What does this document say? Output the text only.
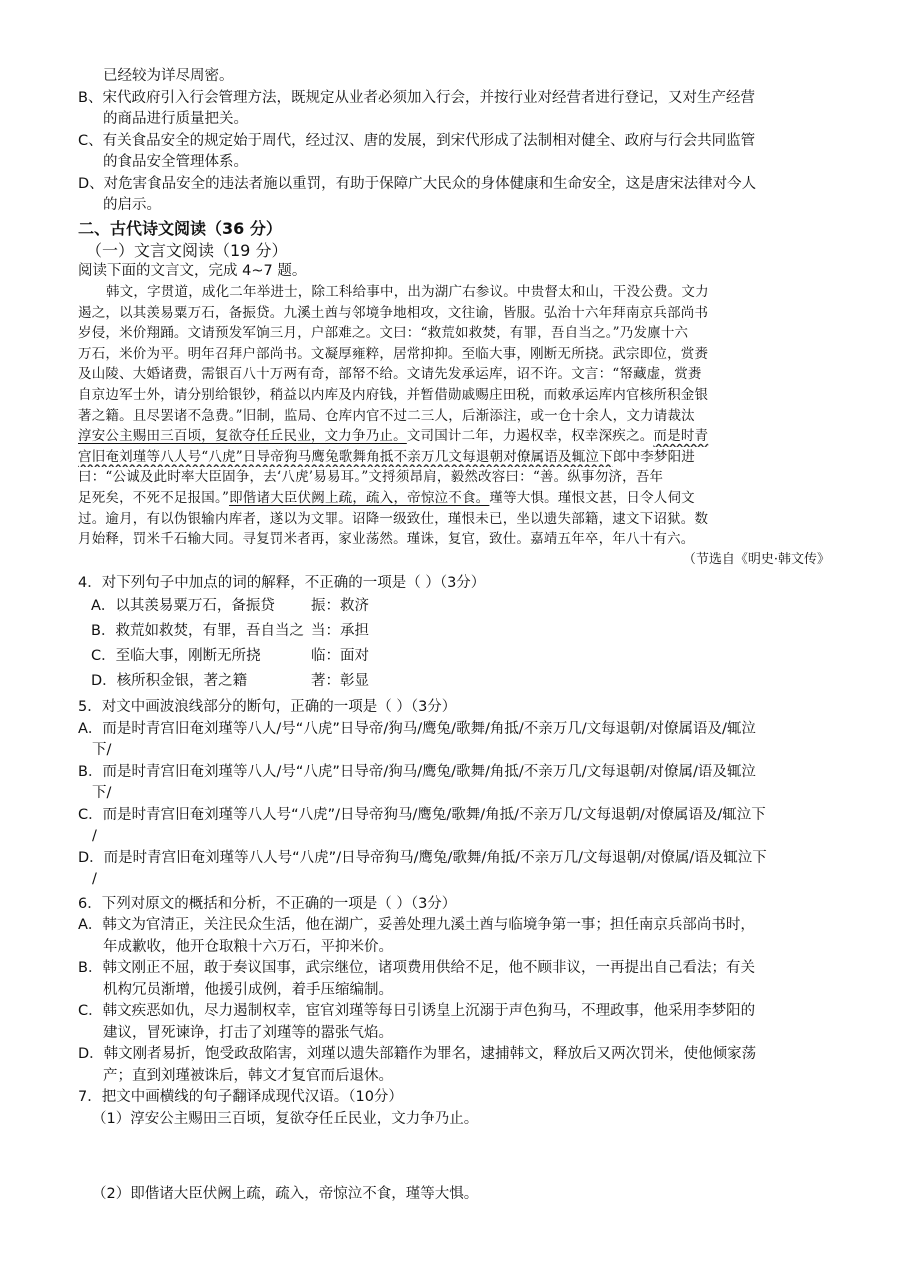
已经较为详尽周密。
B、宋代政府引入行会管理方法，既规定从业者必须加入行会，并按行业对经营者进行登记，又对生产经营
的商品进行质量把关。
C、有关食品安全的规定始于周代，经过汉、唐的发展，到宋代形成了法制相对健全、政府与行会共同监管
的食品安全管理体系。
D、对危害食品安全的违法者施以重罚，有助于保障广大民众的身体健康和生命安全，这是唐宋法律对今人
的启示。
二、古代诗文阅读（36 分）
（一）文言文阅读（19 分）
阅读下面的文言文，完成 4~7 题。
韩文，字贯道，成化二年举进士，除工科给事中，出为湖广右参议。中贵督太和山，干没公费。文力
遏之，以其羡易粟万石，备振贷。九溪土酋与邻境争地相攻，文往谕，皆服。弘治十六年拜南京兵部尚书
岁侵，米价翔踊。文请预发军饷三月，户部难之。文曰：“救荒如救焚，有罪，吾自当之。”乃发廪十六
万石，米价为平。明年召拜户部尚书。文凝厚雍粹，居常抑抑。至临大事，刚断无所挠。武宗即位，赏赉
及山陵、大婚诸费，需银百八十万两有奇，部帑不给。文请先发承运库，诏不许。文言：“帑藏虚，赏赉
自京边军士外，请分别给银钞，稍益以内库及内府钱，并暂借勋戚赐庄田税，而敕承运库内官核所积金银
著之籍。且尽罢诸不急费。”旧制，监局、仓库内官不过二三人，后渐添注，或一仓十余人，文力请裁汰
淳安公主赐田三百顷，复欲夺任丘民业，文力争乃止。文司国计二年，力遏权幸，权幸深疾之。而是时青
宫旧奄刘瑾等八人号“八虎”日导帝狗马鹰兔歌舞角抵不亲万几文每退朝对僚属语及辄泣下郎中李梦阳进
曰：“公诚及此时率大臣固争，去‘八虎’易易耳。”文捋须昂肩，毅然改容曰：“善。纵事勿济，吾年
足死矣，不死不足报国。”即偕诸大臣伏阙上疏，疏入，帝惊泣不食。瑾等大惧。瑾恨文甚，日令人伺文
过。逾月，有以伪银输内库者，遂以为文罪。诏降一级致仕，瑾恨未已，坐以遗失部籍，逮文下诏狱。数
月始释，罚米千石输大同。寻复罚米者再，家业荡然。瑾诛，复官，致仕。嘉靖五年卒，年八十有六。
（节选自《明史·韩文传》
4．对下列句子中加点的词的解释，不正确的一项是（ ）（3分）
A．以其羡易粟万石，备振贷 振：救济
B．救荒如救焚，有罪，吾自当之 当：承担
C．至临大事，刚断无所挠	临：面对
D．核所积金银，著之籍	著：彰显
5．对文中画波浪线部分的断句，正确的一项是（ ）（3分）
A．而是时青宫旧奄刘瑾等八人/号“八虎”日导帝/狗马/鹰兔/歌舞/角抵/不亲万几/文每退朝/对僚属语及/辄泣
下/
B．而是时青宫旧奄刘瑾等八人/号“八虎”日导帝/狗马/鹰兔/歌舞/角抵/不亲万几/文每退朝/对僚属/语及辄泣
下/
C．而是时青宫旧奄刘瑾等八人号“八虎”/日导帝狗马/鹰兔/歌舞/角抵/不亲万几/文每退朝/对僚属语及/辄泣下
/
D．而是时青宫旧奄刘瑾等八人号“八虎”/日导帝狗马/鹰兔/歌舞/角抵/不亲万几/文每退朝/对僚属/语及辄泣下
/
6．下列对原文的概括和分析，不正确的一项是（ ）（3分）
A．韩文为官清正，关注民众生活，他在湖广，妥善处理九溪土酋与临境争第一事；担任南京兵部尚书时，
年成歉收，他开仓取粮十六万石，平抑米价。
B．韩文刚正不屈，敢于奏议国事，武宗继位，诸项费用供给不足，他不顾非议，一再提出自己看法；有关
机构冗员渐增，他援引成例，着手压缩编制。
C．韩文疾恶如仇，尽力遏制权幸，宦官刘瑾等每日引诱皇上沉溺于声色狗马，不理政事，他采用李梦阳的
建议，冒死谏诤，打击了刘瑾等的嚣张气焰。
D．韩文刚者易折，饱受政敌陷害，刘瑾以遗失部籍作为罪名，逮捕韩文，释放后又两次罚米，使他倾家荡
产；直到刘瑾被诛后，韩文才复官而后退休。
7．把文中画横线的句子翻译成现代汉语。（10分）
（1）淳安公主赐田三百顷，复欲夺任丘民业，文力争乃止。
（2）即偕诸大臣伏阙上疏，疏入，帝惊泣不食，瑾等大惧。
